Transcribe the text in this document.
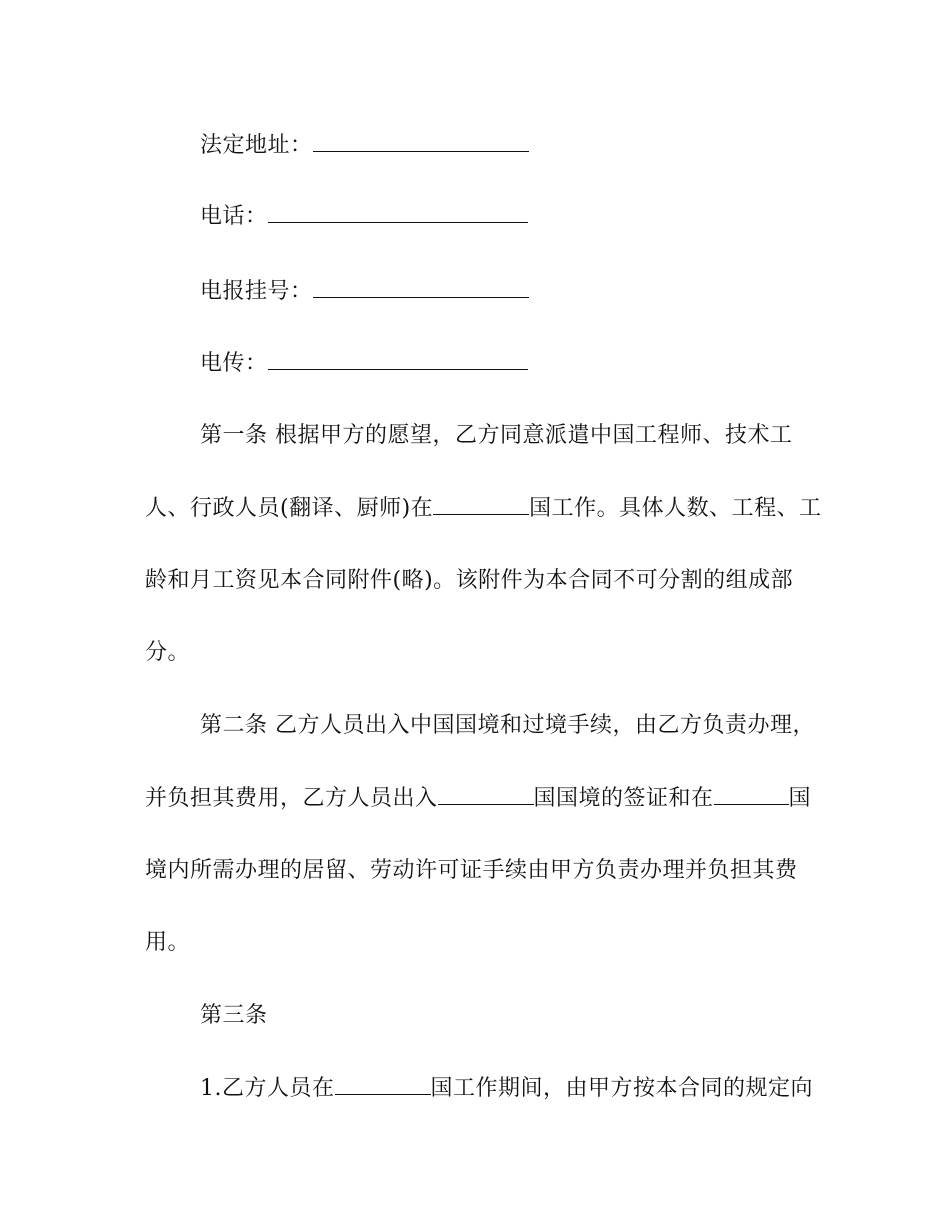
法定地址：
电话：
电报挂号：
电传：
第一条 根据甲方的愿望，乙方同意派遣中国工程师、技术工
人、行政人员(翻译、厨师)在	国工作。具体人数、工程、工
龄和月工资见本合同附件(略)。该附件为本合同不可分割的组成部
分。
第二条 乙方人员出入中国国境和过境手续，由乙方负责办理，
并负担其费用，乙方人员出入	国国境的签证和在	国
境内所需办理的居留、劳动许可证手续由甲方负责办理并负担其费
用。
第三条
1.乙方人员在	国工作期间，由甲方按本合同的规定向
